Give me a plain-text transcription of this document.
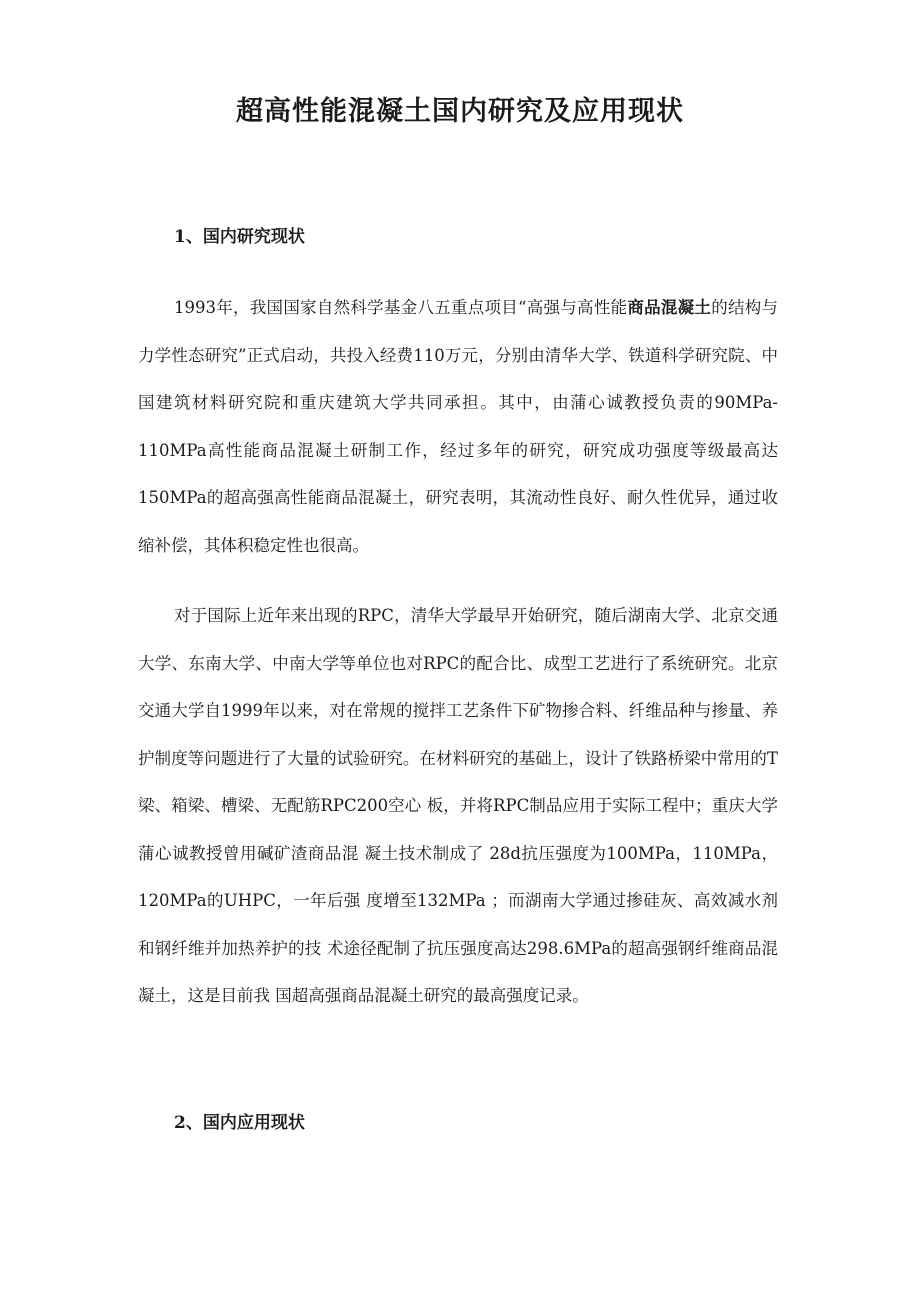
超高性能混凝土国内研究及应用现状
1、国内研究现状

1993年，我国国家自然科学基金八五重点项目“高强与高性能商品混凝土的结构与力学性态研究”正式启动，共投入经费110万元，分别由清华大学、铁道科学研究院、中国建筑材料研究院和重庆建筑大学共同承担。其中，由蒲心诚教授负责的90MPa-110MPa高性能商品混凝土研制工作，经过多年的研究，研究成功强度等级最高达150MPa的超高强高性能商品混凝土，研究表明，其流动性良好、耐久性优异，通过收缩补偿，其体积稳定性也很高。

对于国际上近年来出现的RPC，清华大学最早开始研究，随后湖南大学、北京交通大学、东南大学、中南大学等单位也对RPC的配合比、成型工艺进行了系统研究。北京交通大学自1999年以来，对在常规的搅拌工艺条件下矿物掺合料、纤维品种与掺量、养护制度等问题进行了大量的试验研究。在材料研究的基础上，设计了铁路桥梁中常用的T梁、箱梁、槽梁、无配筋RPC200空心 板，并将RPC制品应用于实际工程中；重庆大学蒲心诚教授曾用碱矿渣商品混 凝土技术制成了 28d抗压强度为100MPa，110MPa，120MPa的UHPC，一年后强 度增至132MPa ；而湖南大学通过掺硅灰、高效减水剂和钢纤维并加热养护的技 术途径配制了抗压强度高达298.6MPa的超高强钢纤维商品混凝土，这是目前我 国超高强商品混凝土研究的最高强度记录。

2、国内应用现状
